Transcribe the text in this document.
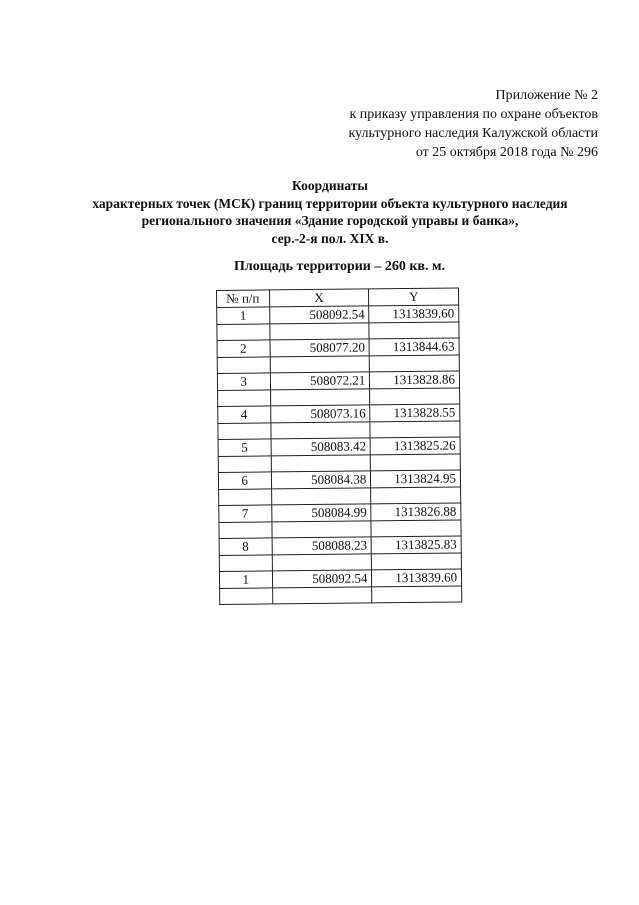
Приложение № 2
к приказу управления по охране объектов
культурного наследия Калужской области
от 25 октября 2018 года № 296
Координаты
характерных точек (МСК) границ территории объекта культурного наследия
регионального значения «Здание городской управы и банка»,
сер.-2-я пол. XIX в.
Площадь территории – 260 кв. м.
№ п/п	X	Y
1	508092.54	1313839.60

2	508077.20	1313844.63

3	508072.21	1313828.86

4	508073.16	1313828.55

5	508083.42	1313825.26

6	508084.38	1313824.95

7	508084.99	1313826.88

8	508088.23	1313825.83

1	508092.54	1313839.60
